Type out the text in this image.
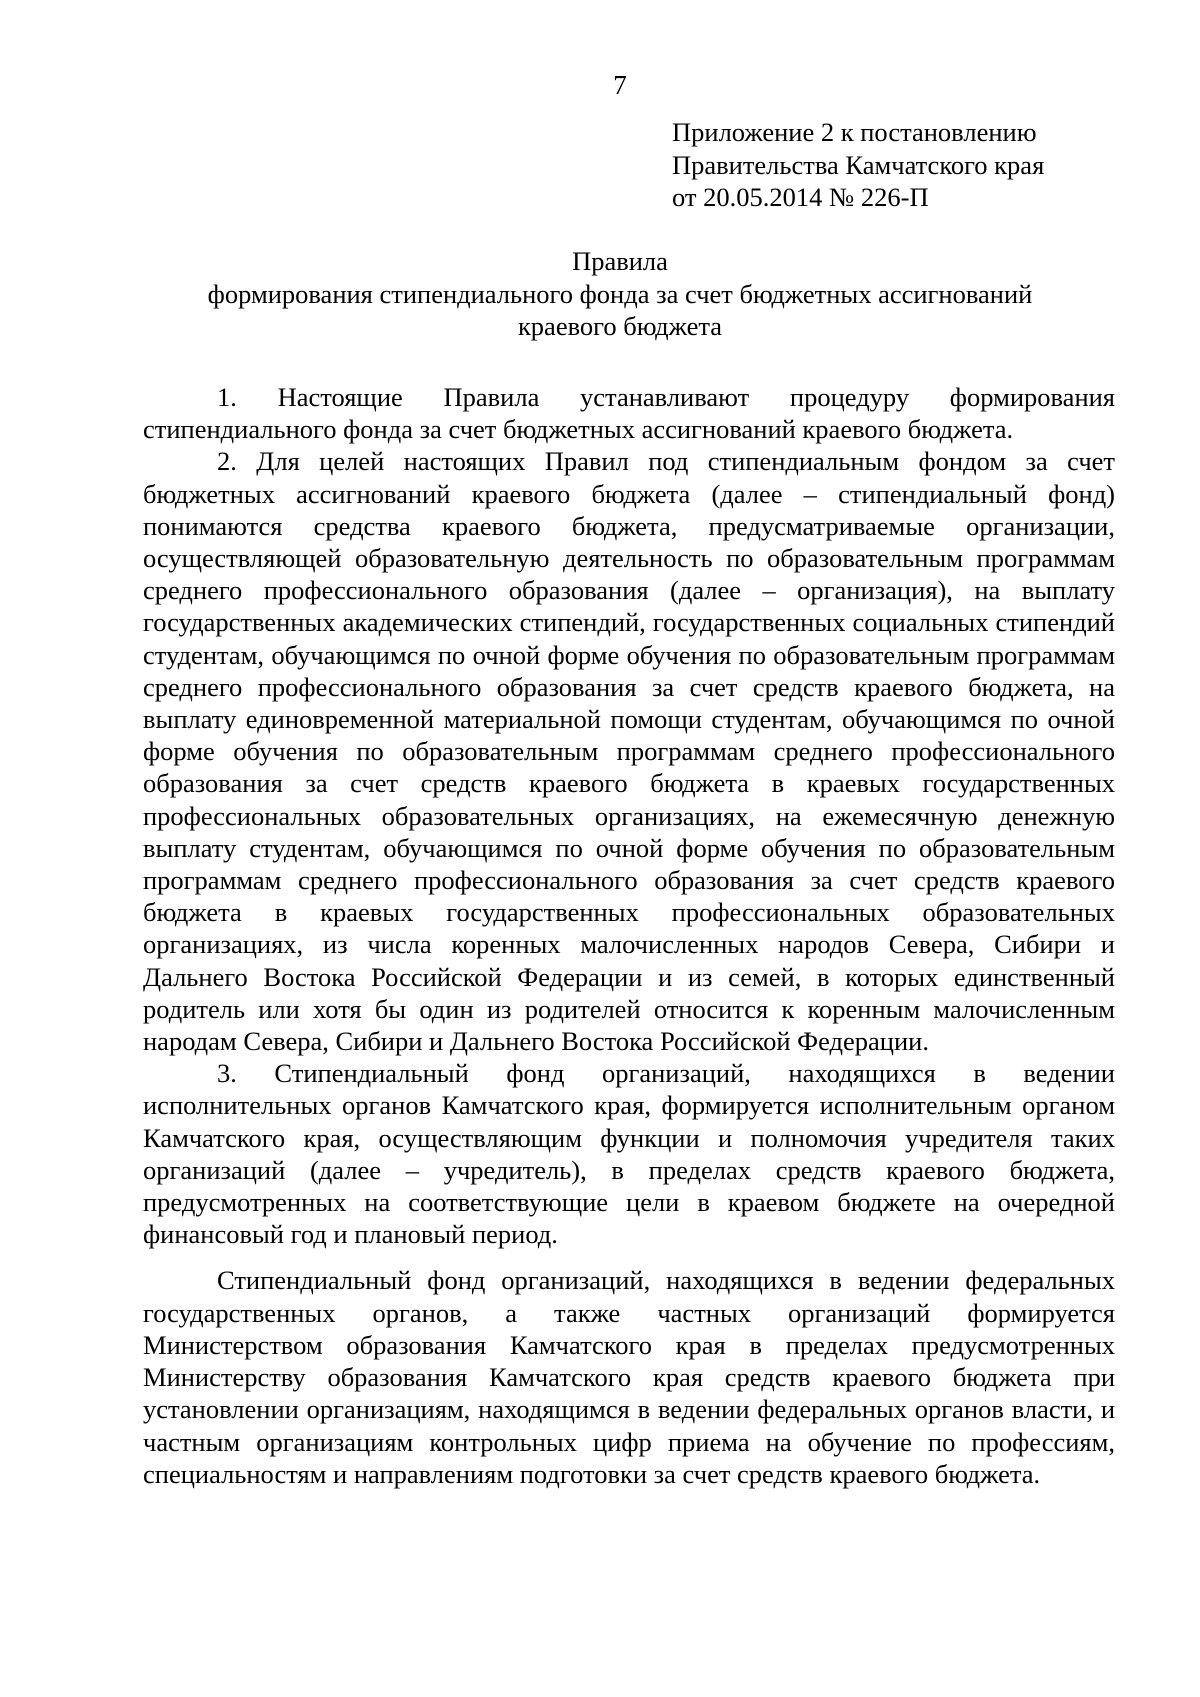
7
Приложение 2 к постановлению
Правительства Камчатского края
от 20.05.2014 № 226-П
Правила
формирования стипендиального фонда за счет бюджетных ассигнований
краевого бюджета

1. Настоящие Правила устанавливают процедуру формирования стипендиального фонда за счет бюджетных ассигнований краевого бюджета.

2. Для целей настоящих Правил под стипендиальным фондом за счет бюджетных ассигнований краевого бюджета (далее – стипендиальный фонд) понимаются средства краевого бюджета, предусматриваемые организации, осуществляющей образовательную деятельность по образовательным программам среднего профессионального образования (далее – организация), на выплату государственных академических стипендий, государственных социальных стипендий студентам, обучающимся по очной форме обучения по образовательным программам среднего профессионального образования за счет средств краевого бюджета, на выплату единовременной материальной помощи студентам, обучающимся по очной форме обучения по образовательным программам среднего профессионального образования за счет средств краевого бюджета в краевых государственных профессиональных образовательных организациях, на ежемесячную денежную выплату студентам, обучающимся по очной форме обучения по образовательным программам среднего профессионального образования за счет средств краевого бюджета в краевых государственных профессиональных образовательных организациях, из числа коренных малочисленных народов Севера, Сибири и Дальнего Востока Российской Федерации и из семей, в которых единственный родитель или хотя бы один из родителей относится к коренным малочисленным народам Севера, Сибири и Дальнего Востока Российской Федерации.

3. Стипендиальный фонд организаций, находящихся в ведении исполнительных органов Камчатского края, формируется исполнительным органом Камчатского края, осуществляющим функции и полномочия учредителя таких организаций (далее – учредитель), в пределах средств краевого бюджета, предусмотренных на соответствующие цели в краевом бюджете на очередной финансовый год и плановый период.

Стипендиальный фонд организаций, находящихся в ведении федеральных государственных органов, а также частных организаций формируется Министерством образования Камчатского края в пределах предусмотренных Министерству образования Камчатского края средств краевого бюджета при установлении организациям, находящимся в ведении федеральных органов власти, и частным организациям контрольных цифр приема на обучение по профессиям, специальностям и направлениям подготовки за счет средств краевого бюджета.
